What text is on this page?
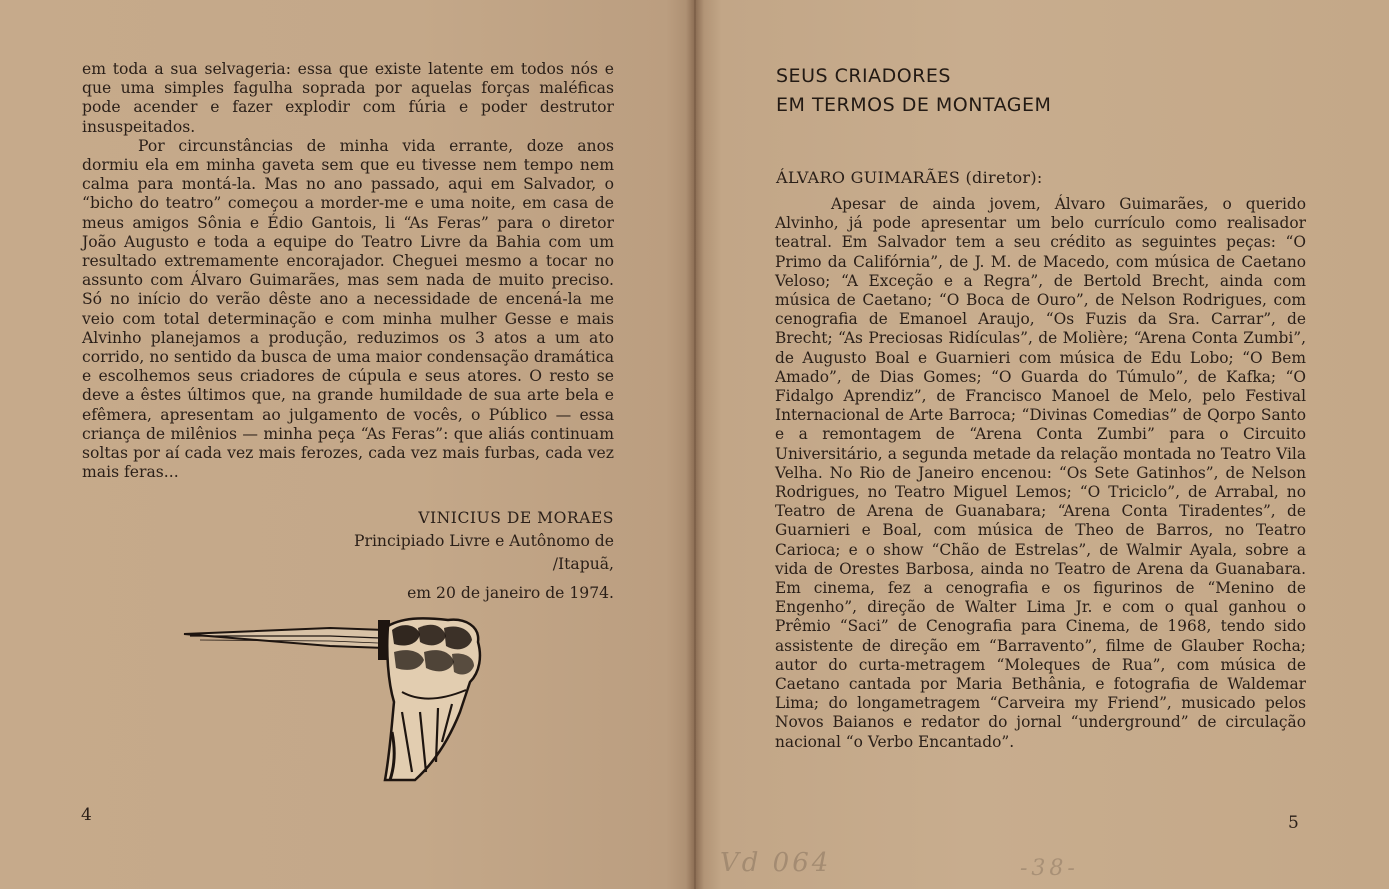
em toda a sua selvageria: essa que existe latente em todos nós e que uma simples fagulha soprada por aquelas forças maléficas pode acender e fazer explodir com fúria e poder destrutor insuspeitados.

Por circunstâncias de minha vida errante, doze anos dormiu ela em minha gaveta sem que eu tivesse nem tempo nem calma para montá-la. Mas no ano passado, aqui em Salvador, o “bicho do teatro” começou a morder-me e uma noite, em casa de meus amigos Sônia e Édio Gantois, li “As Feras” para o diretor João Augusto e toda a equipe do Teatro Livre da Bahia com um resultado extremamente encorajador. Cheguei mesmo a tocar no assunto com Álvaro Guimarães, mas sem nada de muito preciso. Só no início do verão dêste ano a necessidade de encená-la me veio com total determinação e com minha mulher Gesse e mais Alvinho planejamos a produção, reduzimos os 3 atos a um ato corrido, no sentido da busca de uma maior condensação dramática e escolhemos seus criadores de cúpula e seus atores. O resto se deve a êstes últimos que, na grande humildade de sua arte bela e efêmera, apresentam ao julgamento de vocês, o Público — essa criança de milênios — minha peça “As Feras”: que aliás continuam soltas por aí cada vez mais ferozes, cada vez mais furbas, cada vez mais feras...

VINICIUS DE MORAES
Principiado Livre e Autônomo de
/Itapuã,
em 20 de janeiro de 1974.
4
SEUS CRIADORES
EM TERMOS DE MONTAGEM
ÁLVARO GUIMARÃES (diretor):

Apesar de ainda jovem, Álvaro Guimarães, o querido Alvinho, já pode apresentar um belo currículo como realisador teatral. Em Salvador tem a seu crédito as seguintes peças: “O Primo da Califórnia”, de J. M. de Macedo, com música de Caetano Veloso; “A Exceção e a Regra”, de Bertold Brecht, ainda com música de Caetano; “O Boca de Ouro”, de Nelson Rodrigues, com cenografia de Emanoel Araujo, “Os Fuzis da Sra. Carrar”, de Brecht; “As Preciosas Ridículas”, de Molière; “Arena Conta Zumbi”, de Augusto Boal e Guarnieri com música de Edu Lobo; “O Bem Amado”, de Dias Gomes; “O Guarda do Túmulo”, de Kafka; “O Fidalgo Aprendiz”, de Francisco Manoel de Melo, pelo Festival Internacional de Arte Barroca; “Divinas Comedias” de Qorpo Santo e a remontagem de “Arena Conta Zumbi” para o Circuito Universitário, a segunda metade da relação montada no Teatro Vila Velha. No Rio de Janeiro encenou: “Os Sete Gatinhos”, de Nelson Rodrigues, no Teatro Miguel Lemos; “O Triciclo”, de Arrabal, no Teatro de Arena de Guanabara; “Arena Conta Tiradentes”, de Guarnieri e Boal, com música de Theo de Barros, no Teatro Carioca; e o show “Chão de Estrelas”, de Walmir Ayala, sobre a vida de Orestes Barbosa, ainda no Teatro de Arena da Guanabara. Em cinema, fez a cenografia e os figurinos de “Menino de Engenho”, direção de Walter Lima Jr. e com o qual ganhou o Prêmio “Saci” de Cenografia para Cinema, de 1968, tendo sido assistente de direção em “Barravento”, filme de Glauber Rocha; autor do curta-metragem “Moleques de Rua”, com música de Caetano cantada por Maria Bethânia, e fotografia de Waldemar Lima; do longametragem “Carveira my Friend”, musicado pelos Novos Baianos e redator do jornal “underground” de circulação nacional “o Verbo Encantado”.

5
Vd 064	-38-
